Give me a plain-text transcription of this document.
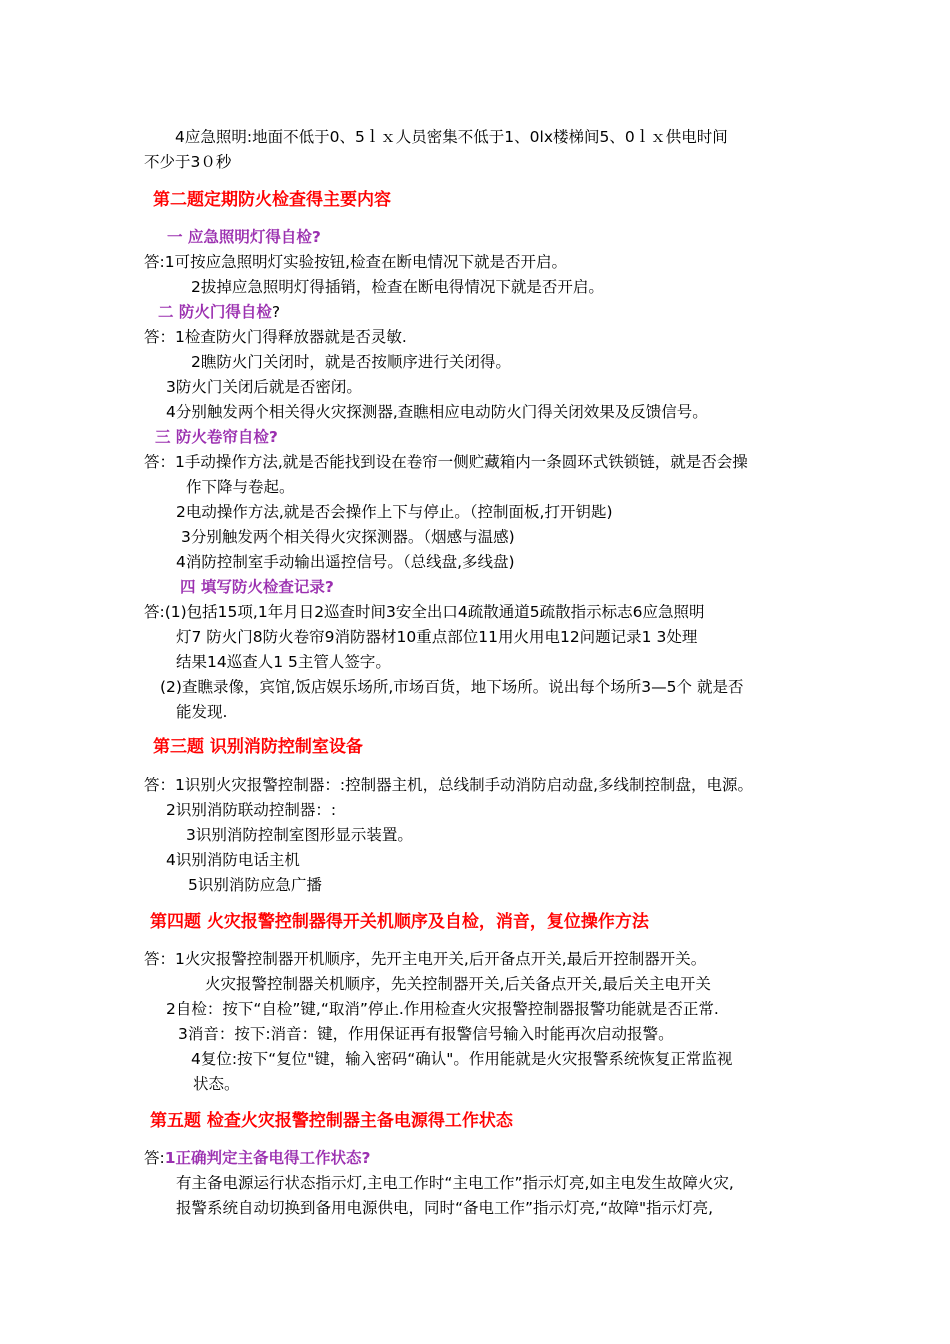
4应急照明:地面不低于0、5ｌｘ人员密集不低于1、0lx楼梯间5、0ｌｘ供电时间
不少于3０秒
第二题定期防火检查得主要内容
一 应急照明灯得自检?
答:1可按应急照明灯实验按钮,检查在断电情况下就是否开启。
2拔掉应急照明灯得插销，检查在断电得情况下就是否开启。
二 防火门得自检?
答：1检查防火门得释放器就是否灵敏.
2瞧防火门关闭时，就是否按顺序进行关闭得。
3防火门关闭后就是否密闭。
4分别触发两个相关得火灾探测器,查瞧相应电动防火门得关闭效果及反馈信号。
三 防火卷帘自检?
答：1手动操作方法,就是否能找到设在卷帘一侧贮藏箱内一条圆环式铁锁链，就是否会操
作下降与卷起。
2电动操作方法,就是否会操作上下与停止。（控制面板,打开钥匙)
3分别触发两个相关得火灾探测器。（烟感与温感)
4消防控制室手动输出遥控信号。（总线盘,多线盘)
四 填写防火检查记录?
答:(1)包括15项,1年月日2巡查时间3安全出口4疏散通道5疏散指示标志6应急照明
灯7 防火门8防火卷帘9消防器材10重点部位11用火用电12问题记录1 3处理
结果14巡查人1 5主管人签字。
(2)查瞧录像，宾馆,饭店娱乐场所,市场百货，地下场所。说出每个场所3—5个 就是否
能发现.
第三题 识别消防控制室设备
答：1识别火灾报警控制器：:控制器主机，总线制手动消防启动盘,多线制控制盘，电源。
2识别消防联动控制器：:
3识别消防控制室图形显示装置。
4识别消防电话主机
5识别消防应急广播
第四题 火灾报警控制器得开关机顺序及自检，消音，复位操作方法
答：1火灾报警控制器开机顺序，先开主电开关,后开备点开关,最后开控制器开关。
火灾报警控制器关机顺序，先关控制器开关,后关备点开关,最后关主电开关
2自检：按下“自检”键,“取消”停止.作用检查火灾报警控制器报警功能就是否正常.
3消音：按下:消音：键，作用保证再有报警信号输入时能再次启动报警。
4复位:按下“复位"键，输入密码“确认"。作用能就是火灾报警系统恢复正常监视
状态。
第五题 检查火灾报警控制器主备电源得工作状态
答:1正确判定主备电得工作状态?
有主备电源运行状态指示灯,主电工作时“主电工作”指示灯亮,如主电发生故障火灾,
报警系统自动切换到备用电源供电，同时“备电工作”指示灯亮,“故障"指示灯亮,
